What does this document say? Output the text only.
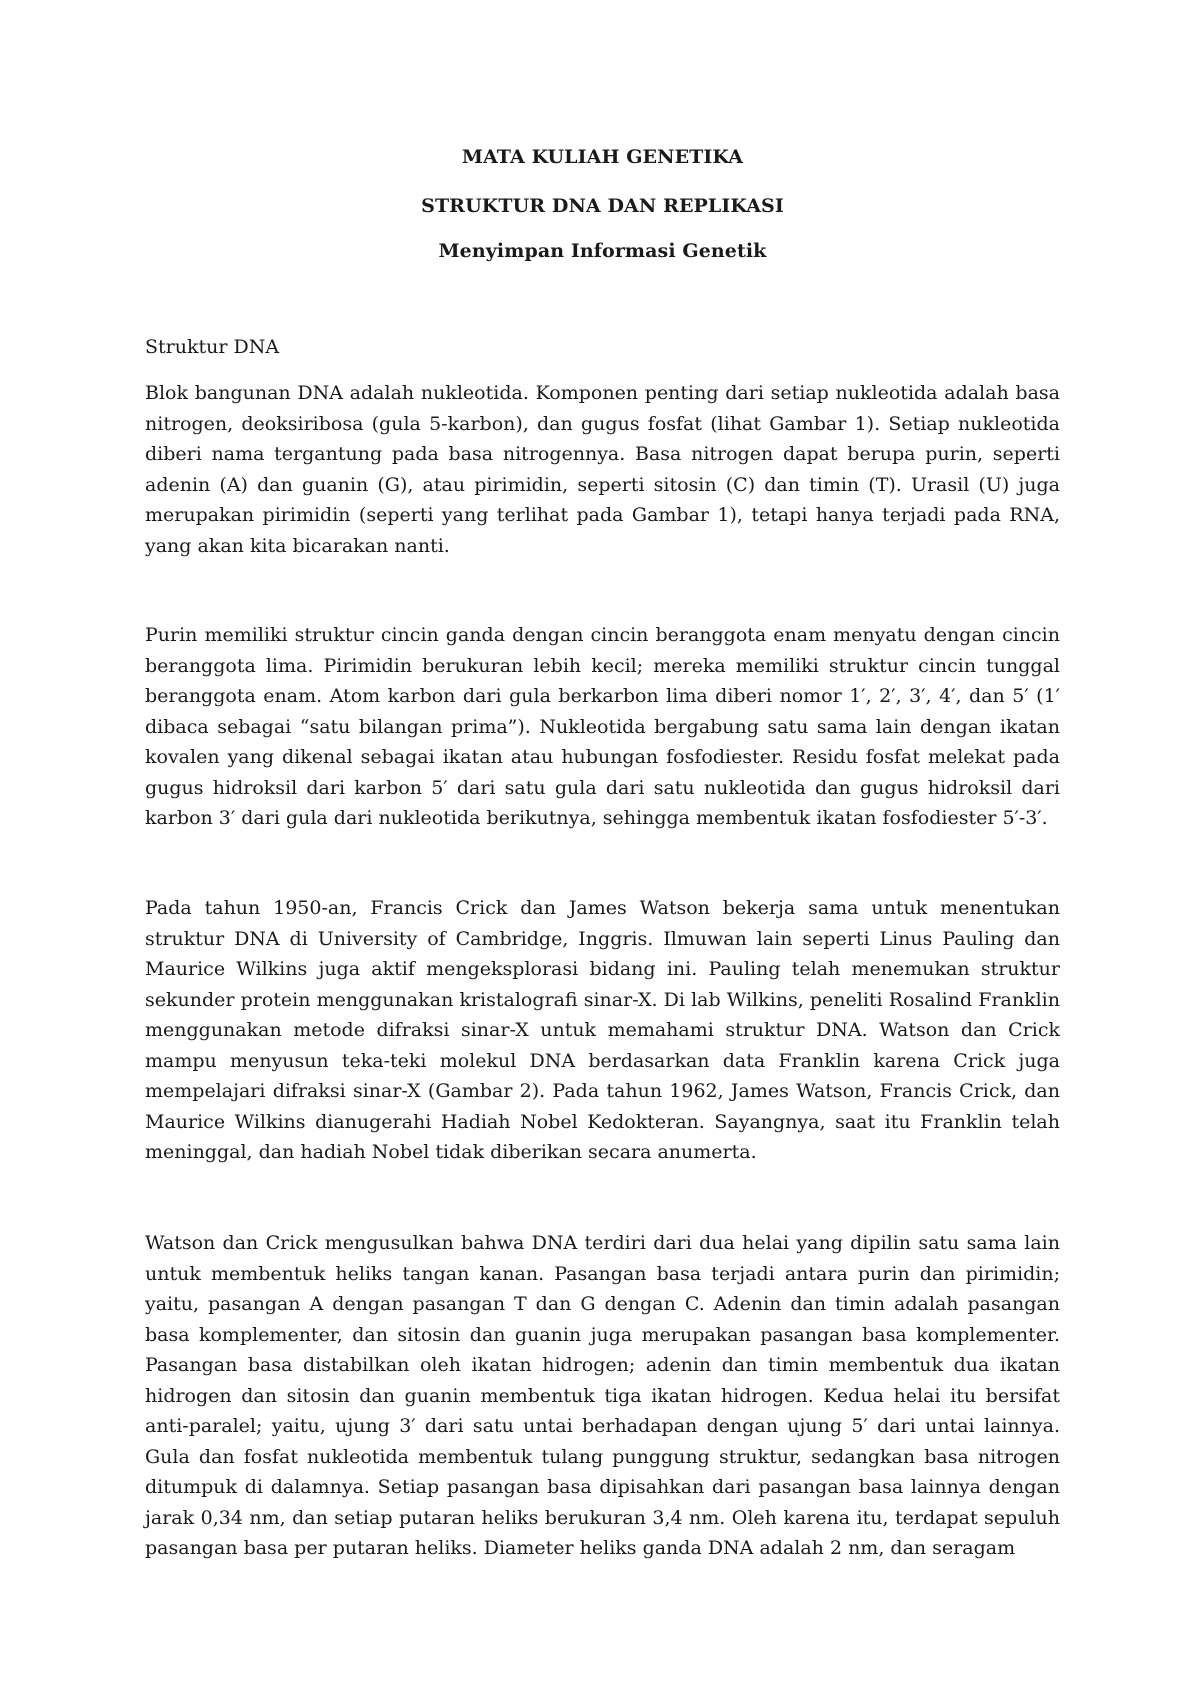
MATA KULIAH GENETIKA

STRUKTUR DNA DAN REPLIKASI

Menyimpan Informasi Genetik

Struktur DNA

Blok bangunan DNA adalah nukleotida. Komponen penting dari setiap nukleotida adalah basa nitrogen, deoksiribosa (gula 5-karbon), dan gugus fosfat (lihat Gambar 1). Setiap nukleotida diberi nama tergantung pada basa nitrogennya. Basa nitrogen dapat berupa purin, seperti adenin (A) dan guanin (G), atau pirimidin, seperti sitosin (C) dan timin (T). Urasil (U) juga merupakan pirimidin (seperti yang terlihat pada Gambar 1), tetapi hanya terjadi pada RNA, yang akan kita bicarakan nanti.

Purin memiliki struktur cincin ganda dengan cincin beranggota enam menyatu dengan cincin beranggota lima. Pirimidin berukuran lebih kecil; mereka memiliki struktur cincin tunggal beranggota enam. Atom karbon dari gula berkarbon lima diberi nomor 1′, 2′, 3′, 4′, dan 5′ (1′ dibaca sebagai “satu bilangan prima”). Nukleotida bergabung satu sama lain dengan ikatan kovalen yang dikenal sebagai ikatan atau hubungan fosfodiester. Residu fosfat melekat pada gugus hidroksil dari karbon 5′ dari satu gula dari satu nukleotida dan gugus hidroksil dari karbon 3′ dari gula dari nukleotida berikutnya, sehingga membentuk ikatan fosfodiester 5′-3′.

Pada tahun 1950-an, Francis Crick dan James Watson bekerja sama untuk menentukan struktur DNA di University of Cambridge, Inggris. Ilmuwan lain seperti Linus Pauling dan Maurice Wilkins juga aktif mengeksplorasi bidang ini. Pauling telah menemukan struktur sekunder protein menggunakan kristalografi sinar-X. Di lab Wilkins, peneliti Rosalind Franklin menggunakan metode difraksi sinar-X untuk memahami struktur DNA. Watson dan Crick mampu menyusun teka-teki molekul DNA berdasarkan data Franklin karena Crick juga mempelajari difraksi sinar-X (Gambar 2). Pada tahun 1962, James Watson, Francis Crick, dan Maurice Wilkins dianugerahi Hadiah Nobel Kedokteran. Sayangnya, saat itu Franklin telah meninggal, dan hadiah Nobel tidak diberikan secara anumerta.

Watson dan Crick mengusulkan bahwa DNA terdiri dari dua helai yang dipilin satu sama lain untuk membentuk heliks tangan kanan. Pasangan basa terjadi antara purin dan pirimidin; yaitu, pasangan A dengan pasangan T dan G dengan C. Adenin dan timin adalah pasangan basa komplementer, dan sitosin dan guanin juga merupakan pasangan basa komplementer. Pasangan basa distabilkan oleh ikatan hidrogen; adenin dan timin membentuk dua ikatan hidrogen dan sitosin dan guanin membentuk tiga ikatan hidrogen. Kedua helai itu bersifat anti-paralel; yaitu, ujung 3′ dari satu untai berhadapan dengan ujung 5′ dari untai lainnya. Gula dan fosfat nukleotida membentuk tulang punggung struktur, sedangkan basa nitrogen ditumpuk di dalamnya. Setiap pasangan basa dipisahkan dari pasangan basa lainnya dengan jarak 0,34 nm, dan setiap putaran heliks berukuran 3,4 nm. Oleh karena itu, terdapat sepuluh pasangan basa per putaran heliks. Diameter heliks ganda DNA adalah 2 nm, dan seragam
